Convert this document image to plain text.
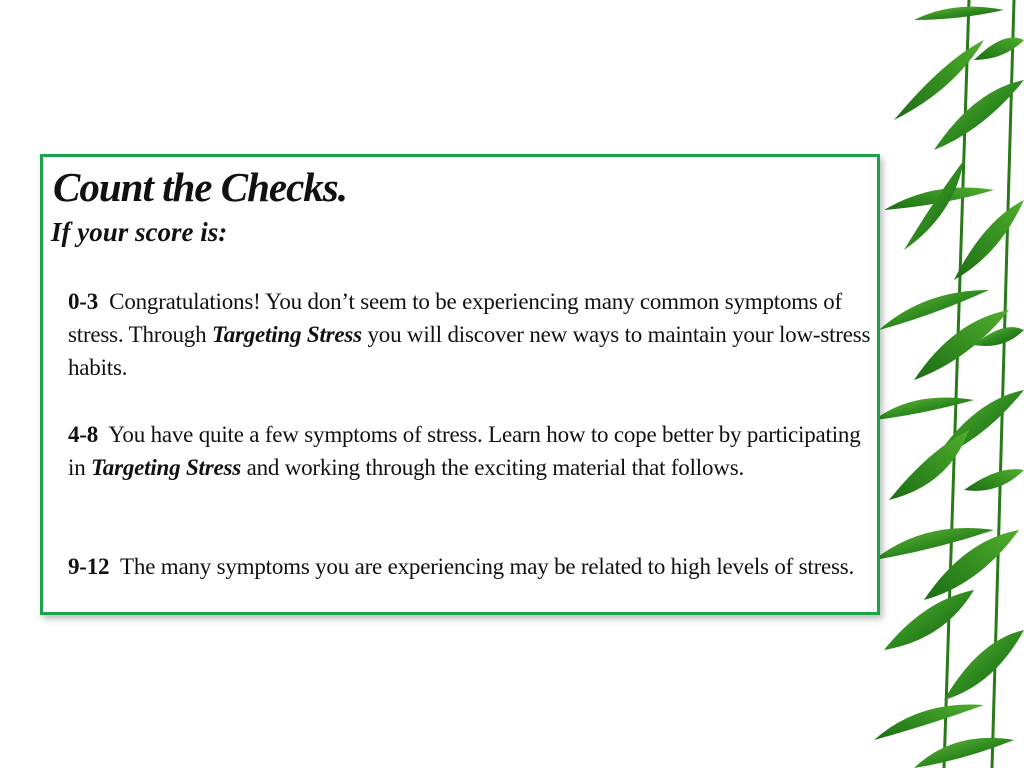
Count the Checks.
If your score is:

0-3 Congratulations! You don’t seem to be experiencing many common symptoms of stress. Through Targeting Stress you will discover new ways to maintain your low-stress habits.

4-8 You have quite a few symptoms of stress. Learn how to cope better by participating in Targeting Stress and working through the exciting material that follows.

9-12 The many symptoms you are experiencing may be related to high levels of stress.
